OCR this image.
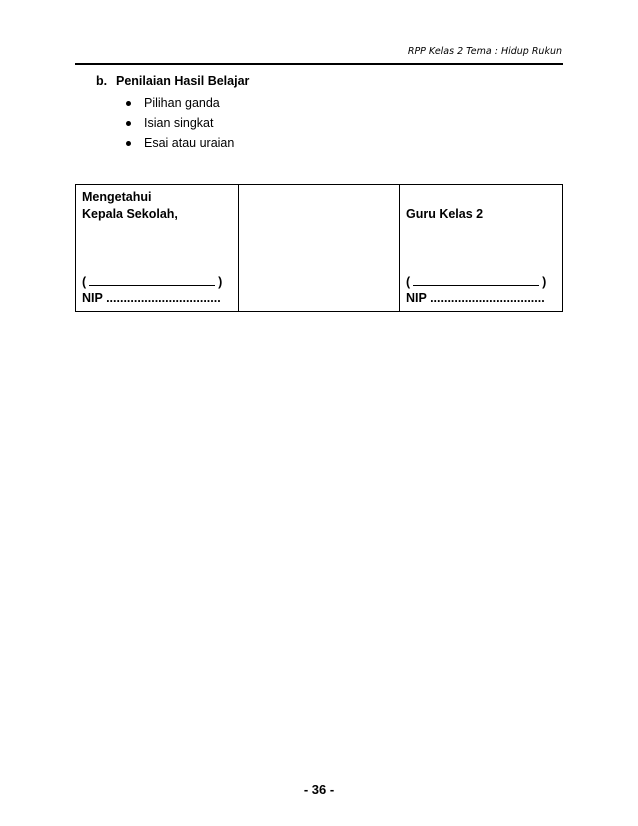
RPP Kelas 2 Tema : Hidup Rukun
b. Penilaian Hasil Belajar
Pilihan ganda
Isian singkat
Esai atau uraian
Mengetahui
Kepala Sekolah,
(	)
NIP .................................
Guru Kelas 2
(	)
NIP .................................
- 36 -
